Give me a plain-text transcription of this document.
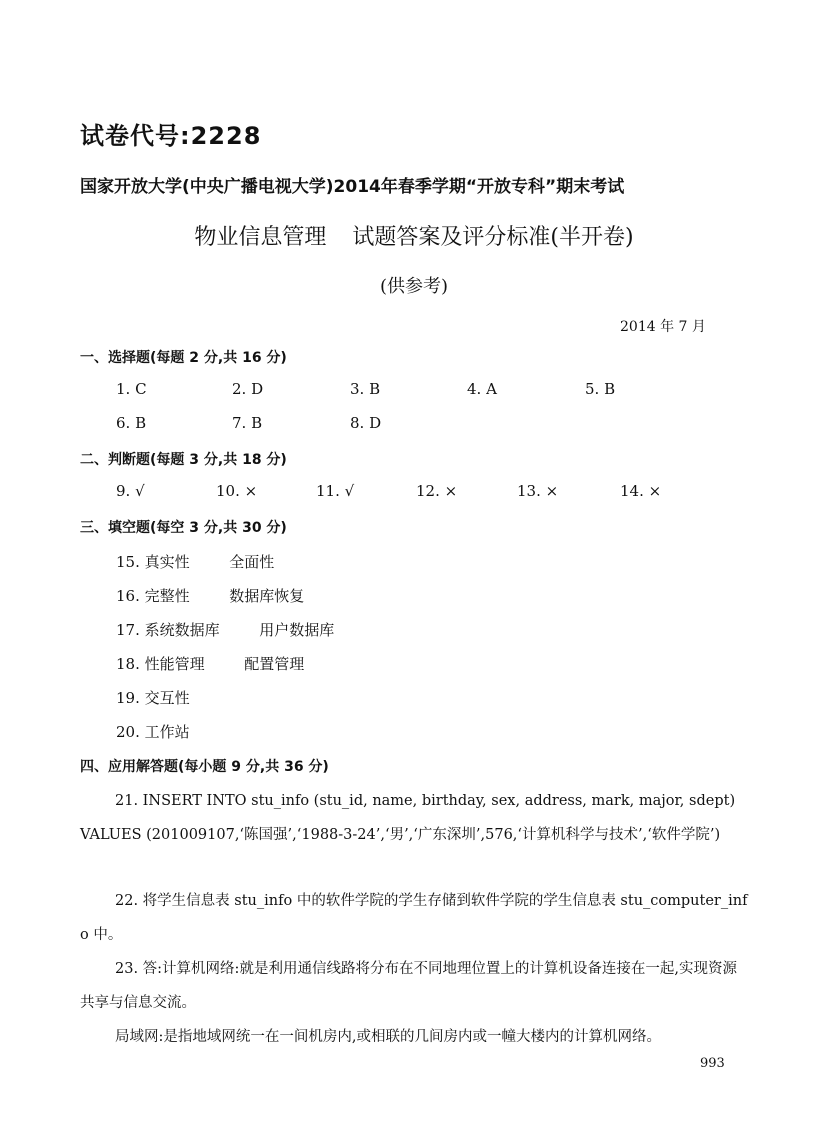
试卷代号:2228
国家开放大学(中央广播电视大学)2014年春季学期“开放专科”期末考试
物业信息管理 试题答案及评分标准(半开卷)
(供参考)
2014 年 7 月
一、选择题(每题 2 分,共 16 分)
1. C	2. D	3. B	4. A	5. B
6. B	7. B	8. D
二、判断题(每题 3 分,共 18 分)
9. √	10. ×	11. √	12. ×	13. ×	14. ×
三、填空题(每空 3 分,共 30 分)
15. 真实性	全面性
16. 完整性	数据库恢复
17. 系统数据库	用户数据库
18. 性能管理	配置管理
19. 交互性
20. 工作站
四、应用解答题(每小题 9 分,共 36 分)
21. INSERT INTO stu_info (stu_id, name, birthday, sex, address, mark, major, sdept) VALUES (201009107,‘陈国强’,‘1988-3-24’,‘男’,‘广东深圳’,576,‘计算机科学与技术’,‘软件学院’)
22. 将学生信息表 stu_info 中的软件学院的学生存储到软件学院的学生信息表 stu_computer_info 中。
23. 答:计算机网络:就是利用通信线路将分布在不同地理位置上的计算机设备连接在一起,实现资源共享与信息交流。
局域网:是指地域网统一在一间机房内,或相联的几间房内或一幢大楼内的计算机网络。
993
